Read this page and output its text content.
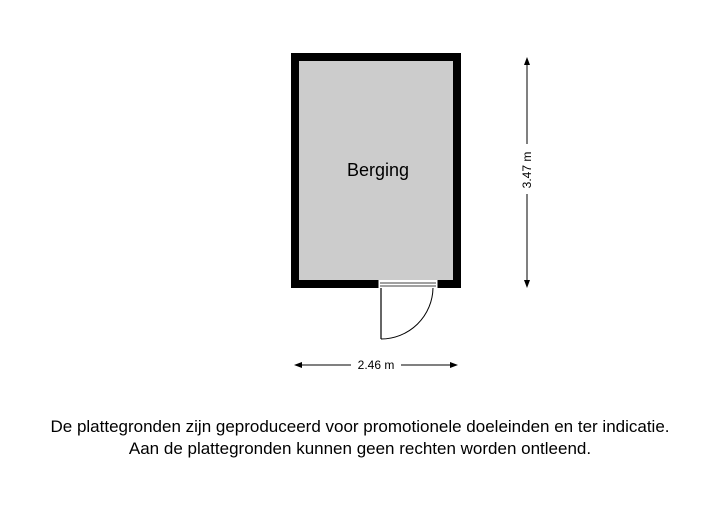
Berging	3.47 m
2.46 m
De plattegronden zijn geproduceerd voor promotionele doeleinden en ter indicatie.
Aan de plattegronden kunnen geen rechten worden ontleend.
